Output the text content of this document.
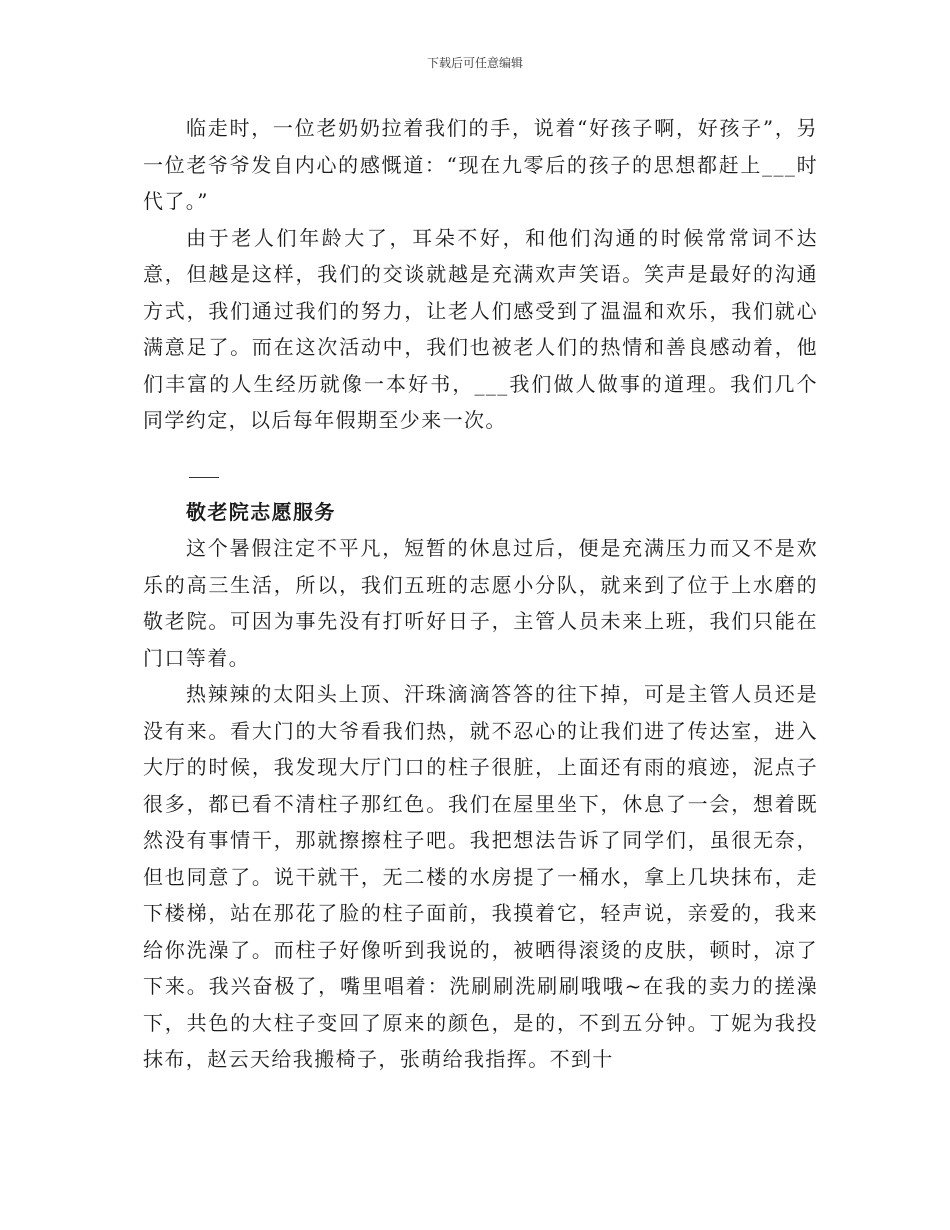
下载后可任意编辑

临走时，一位老奶奶拉着我们的手，说着“好孩子啊，好孩子”，另一位老爷爷发自内心的感慨道：“现在九零后的孩子的思想都赶上___时代了。”

由于老人们年龄大了，耳朵不好，和他们沟通的时候常常词不达意，但越是这样，我们的交谈就越是充满欢声笑语。笑声是最好的沟通方式，我们通过我们的努力，让老人们感受到了温温和欢乐，我们就心满意足了。而在这次活动中，我们也被老人们的热情和善良感动着，他们丰富的人生经历就像一本好书，___我们做人做事的道理。我们几个同学约定，以后每年假期至少来一次。

敬老院志愿服务

这个暑假注定不平凡，短暂的休息过后，便是充满压力而又不是欢乐的高三生活，所以，我们五班的志愿小分队，就来到了位于上水磨的敬老院。可因为事先没有打听好日子，主管人员未来上班，我们只能在门口等着。

热辣辣的太阳头上顶、汗珠滴滴答答的往下掉，可是主管人员还是没有来。看大门的大爷看我们热，就不忍心的让我们进了传达室，进入大厅的时候，我发现大厅门口的柱子很脏，上面还有雨的痕迹，泥点子很多，都已看不清柱子那红色。我们在屋里坐下，休息了一会，想着既然没有事情干，那就擦擦柱子吧。我把想法告诉了同学们，虽很无奈，但也同意了。说干就干，无二楼的水房提了一桶水，拿上几块抹布，走下楼梯，站在那花了脸的柱子面前，我摸着它，轻声说，亲爱的，我来给你洗澡了。而柱子好像听到我说的，被晒得滚烫的皮肤，顿时，凉了下来。我兴奋极了，嘴里唱着：洗刷刷洗刷刷哦哦~在我的卖力的搓澡下，共色的大柱子变回了原来的颜色，是的，不到五分钟。丁妮为我投抹布，赵云天给我搬椅子，张萌给我指挥。不到十
